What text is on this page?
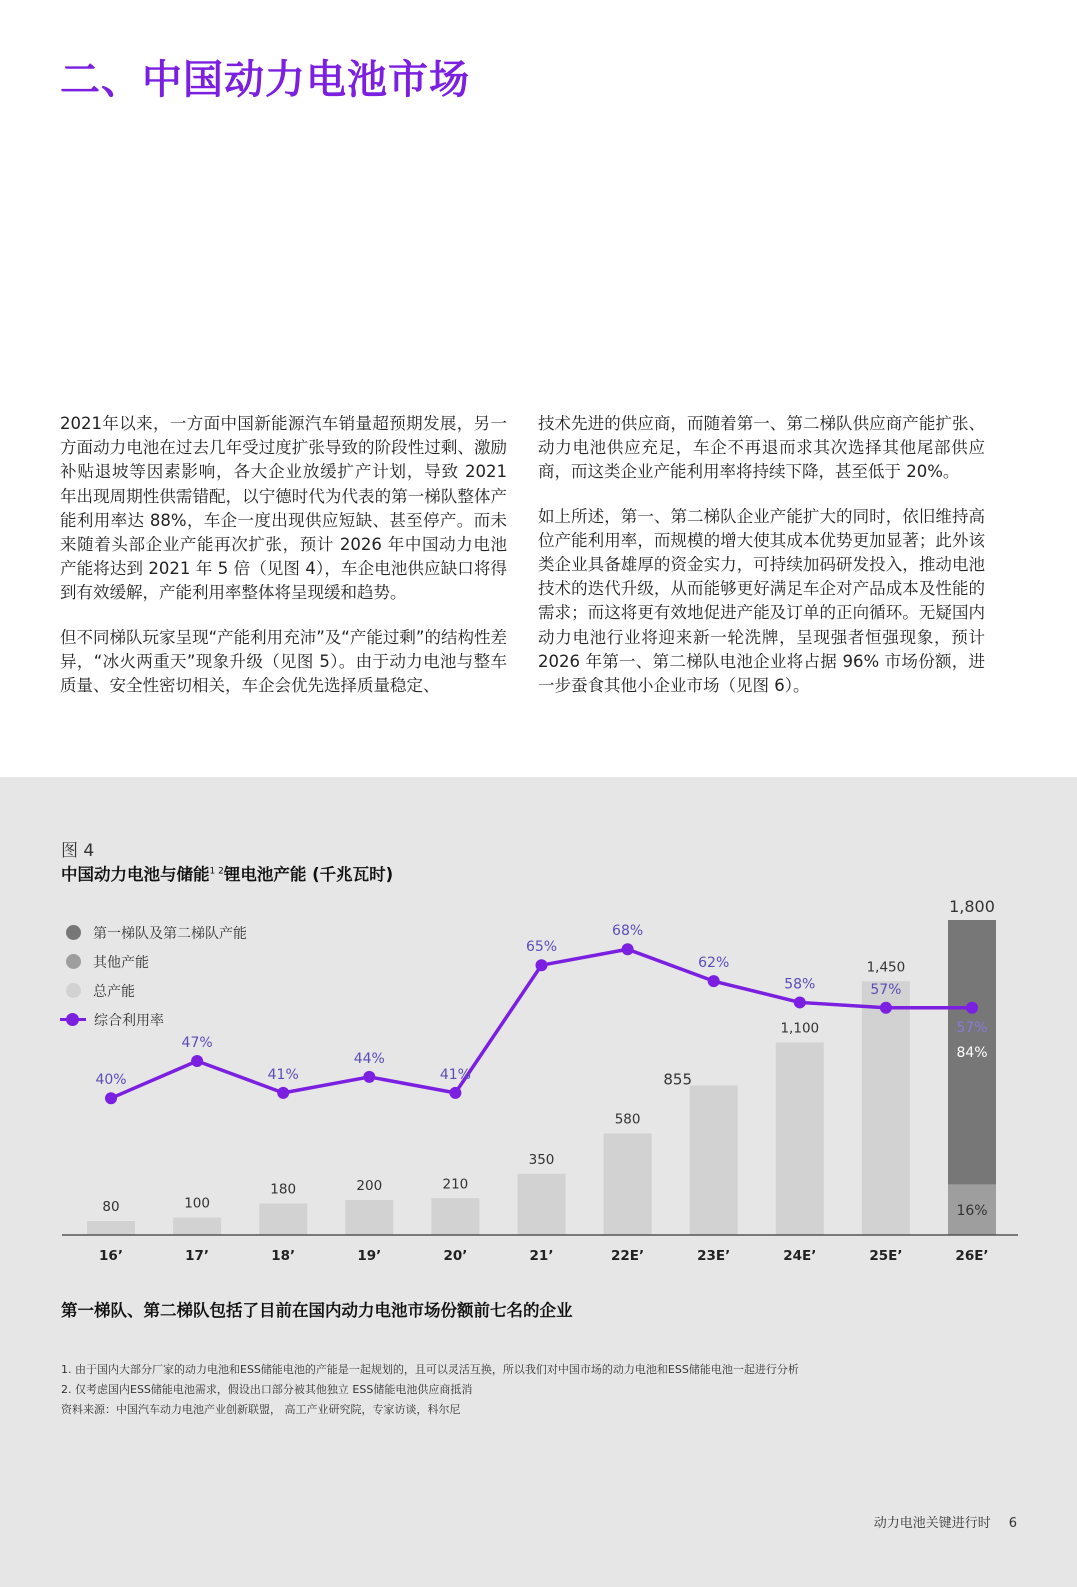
二、中国动力电池市场

2021年以来，一方面中国新能源汽车销量超预期发展，另一方面动力电池在过去几年受过度扩张导致的阶段性过剩、激励补贴退坡等因素影响，各大企业放缓扩产计划，导致 2021 年出现周期性供需错配，以宁德时代为代表的第一梯队整体产能利用率达 88%，车企一度出现供应短缺、甚至停产。而未来随着头部企业产能再次扩张，预计 2026 年中国动力电池产能将达到 2021 年 5 倍（见图 4），车企电池供应缺口将得到有效缓解，产能利用率整体将呈现缓和趋势。

但不同梯队玩家呈现“产能利用充沛”及“产能过剩”的结构性差异，“冰火两重天”现象升级（见图 5）。由于动力电池与整车质量、安全性密切相关，车企会优先选择质量稳定、

技术先进的供应商，而随着第一、第二梯队供应商产能扩张、动力电池供应充足，车企不再退而求其次选择其他尾部供应商，而这类企业产能利用率将持续下降，甚至低于 20%。

如上所述，第一、第二梯队企业产能扩大的同时，依旧维持高位产能利用率，而规模的增大使其成本优势更加显著；此外该类企业具备雄厚的资金实力，可持续加码研发投入，推动电池技术的迭代升级，从而能够更好满足车企对产品成本及性能的需求；而这将更有效地促进产能及订单的正向循环。无疑国内动力电池行业将迎来新一轮洗牌，呈现强者恒强现象，预计 2026 年第一、第二梯队电池企业将占据 96% 市场份额，进一步蚕食其他小企业市场（见图 6）。

图 4
中国动力电池与储能$^{1 2}$锂电池产能 (千兆瓦时)
第一梯队及第二梯队产能
其他产能
总产能
综合利用率
80
16’
100
17’
180
18’
200
19’
210
20’
350
21’
580
22E’
855
23E’
1,100
24E’
1,450
25E’
1,800
84%
16%
26E’
40%
47%
41%
44%
41%
65%
68%
62%
58%	57%
57%
第一梯队、第二梯队包括了目前在国内动力电池市场份额前七名的企业
1. 由于国内大部分厂家的动力电池和ESS储能电池的产能是一起规划的，且可以灵活互换，所以我们对中国市场的动力电池和ESS储能电池一起进行分析
2. 仅考虑国内ESS储能电池需求，假设出口部分被其他独立 ESS储能电池供应商抵消
资料来源：中国汽车动力电池产业创新联盟， 高工产业研究院，专家访谈，科尔尼
动力电池关键进行时 6
